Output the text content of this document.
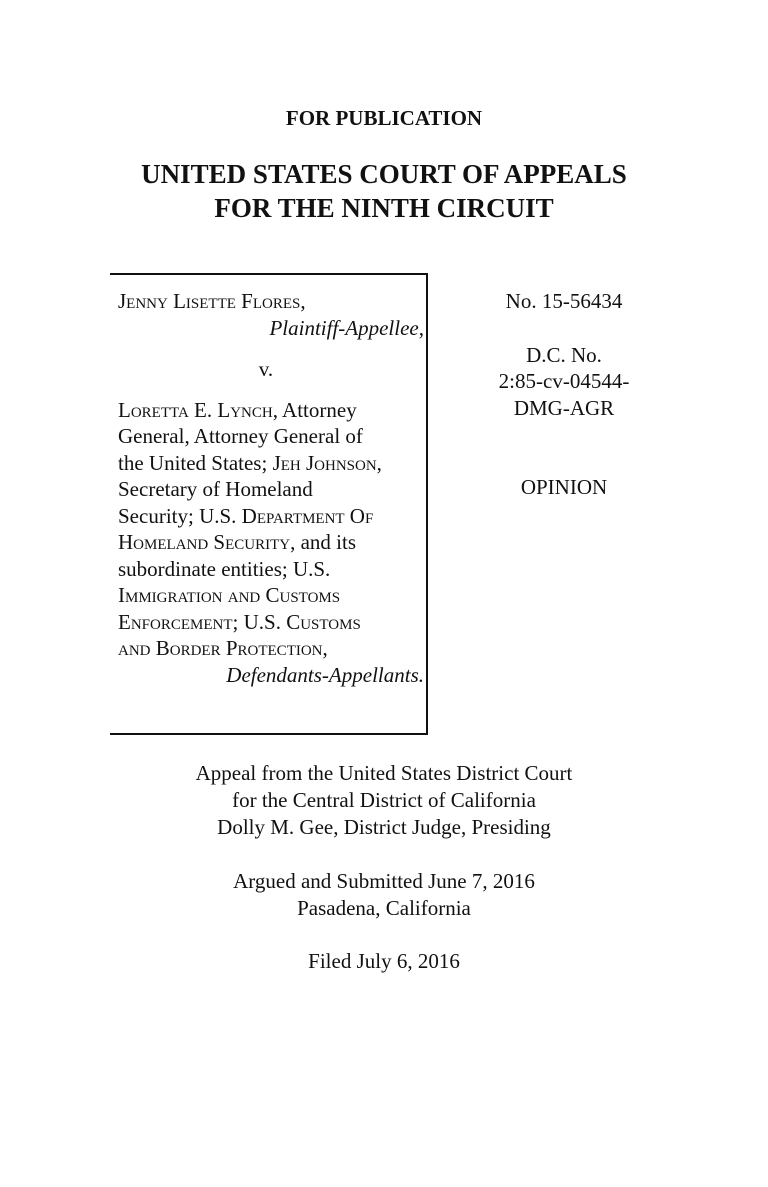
FOR PUBLICATION
UNITED STATES COURT OF APPEALS
FOR THE NINTH CIRCUIT
Jenny Lisette Flores,
Plaintiff-Appellee,
v.
Loretta E. Lynch, Attorney
General, Attorney General of
the United States; Jeh Johnson,
Secretary of Homeland
Security; U.S. Department Of
Homeland Security, and its
subordinate entities; U.S.
Immigration and Customs
Enforcement; U.S. Customs
and Border Protection,
Defendants-Appellants.
No. 15-56434
D.C. No.
2:85-cv-04544-
DMG-AGR
OPINION
Appeal from the United States District Court
for the Central District of California
Dolly M. Gee, District Judge, Presiding
Argued and Submitted June 7, 2016
Pasadena, California
Filed July 6, 2016
